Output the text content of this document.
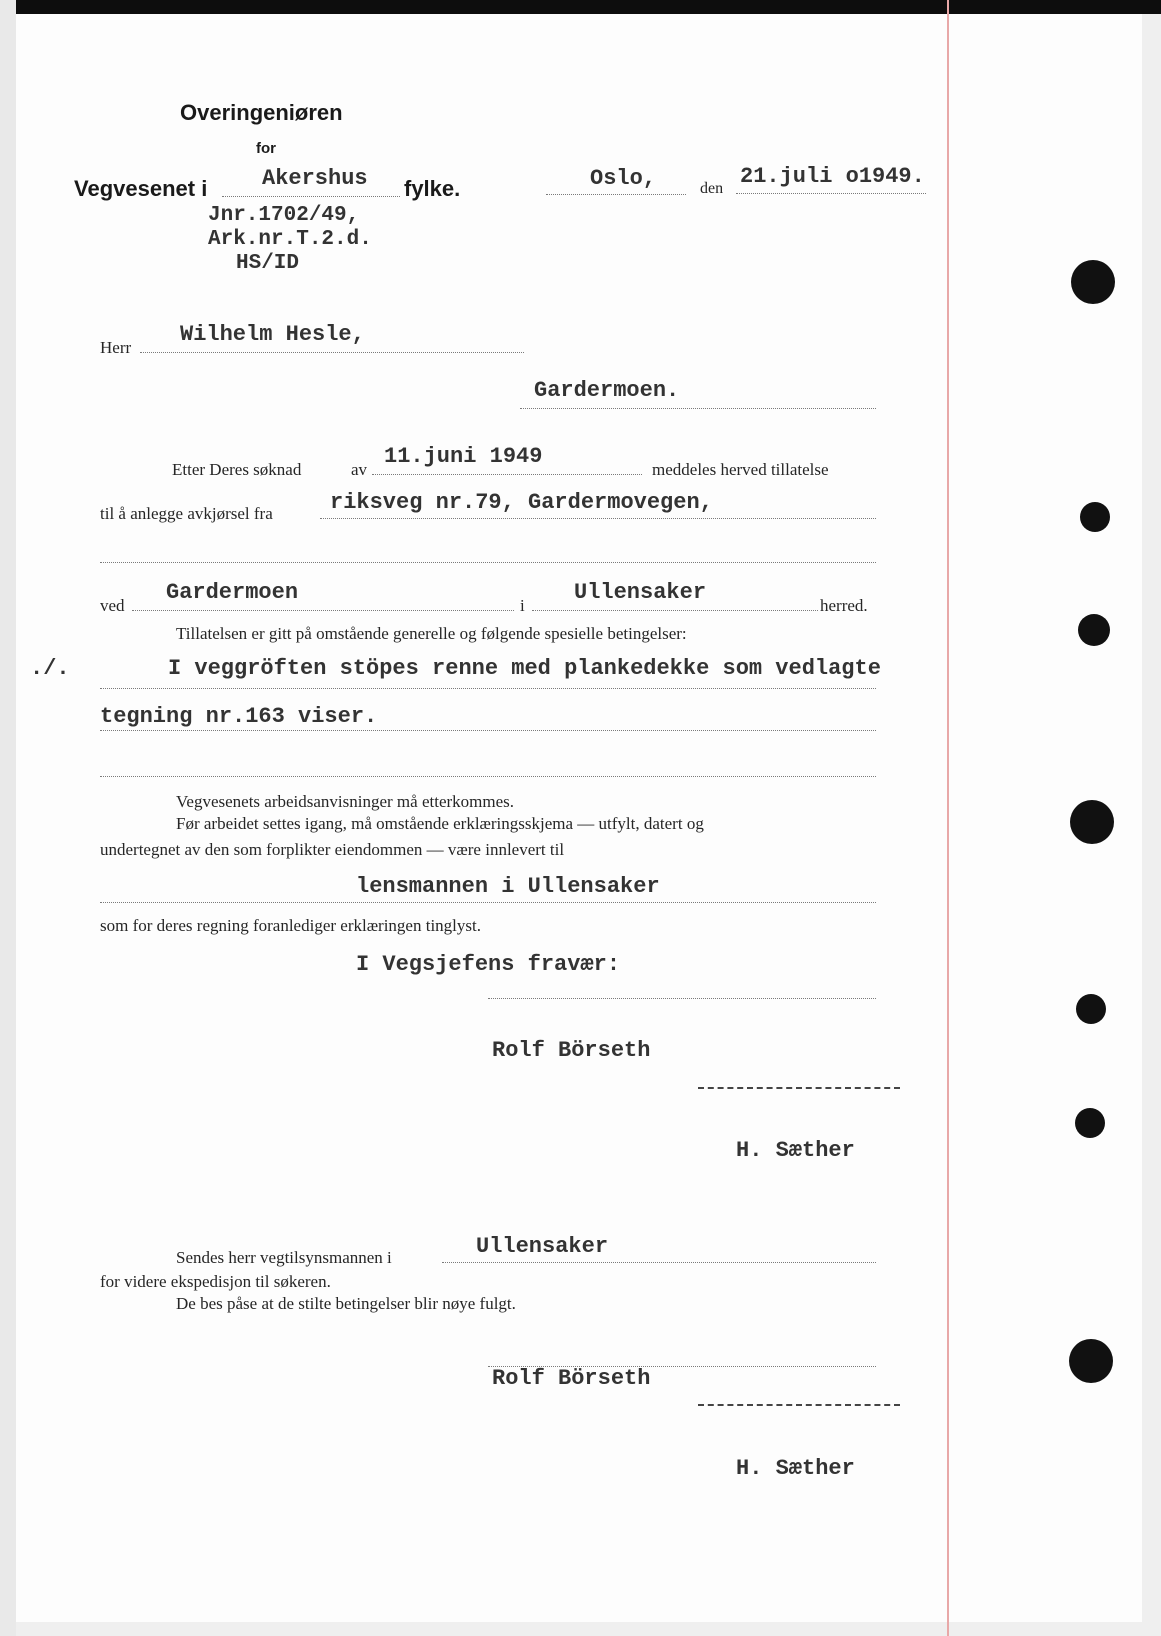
Overingeniøren
for
Vegvesenet i Akershus fylke.	Oslo,	den 21.juli o1949.
Jnr.1702/49,
Ark.nr.T.2.d.
HS/ID
Herr
Wilhelm Hesle,
Gardermoen.
Etter Deres søknad	av
11.juni 1949
meddeles herved tillatelse
til å anlegge avkjørsel fra	riksveg nr.79, Gardermovegen,
ved
Gardermoen
i
Ullensaker
herred.
Tillatelsen er gitt på omstående generelle og følgende spesielle betingelser:
./.	I veggröften stöpes renne med plankedekke som vedlagte
tegning nr.163 viser.
Vegvesenets arbeidsanvisninger må etterkommes.
Før arbeidet settes igang, må omstående erklæringsskjema — utfylt, datert og
undertegnet av den som forplikter eiendommen — være innlevert til
lensmannen i Ullensaker
som for deres regning foranlediger erklæringen tinglyst.
I Vegsjefens fravær:
Rolf Börseth
H. Sæther
Sendes herr vegtilsynsmannen i	Ullensaker
for videre ekspedisjon til søkeren.
De bes påse at de stilte betingelser blir nøye fulgt.
Rolf Börseth
H. Sæther
